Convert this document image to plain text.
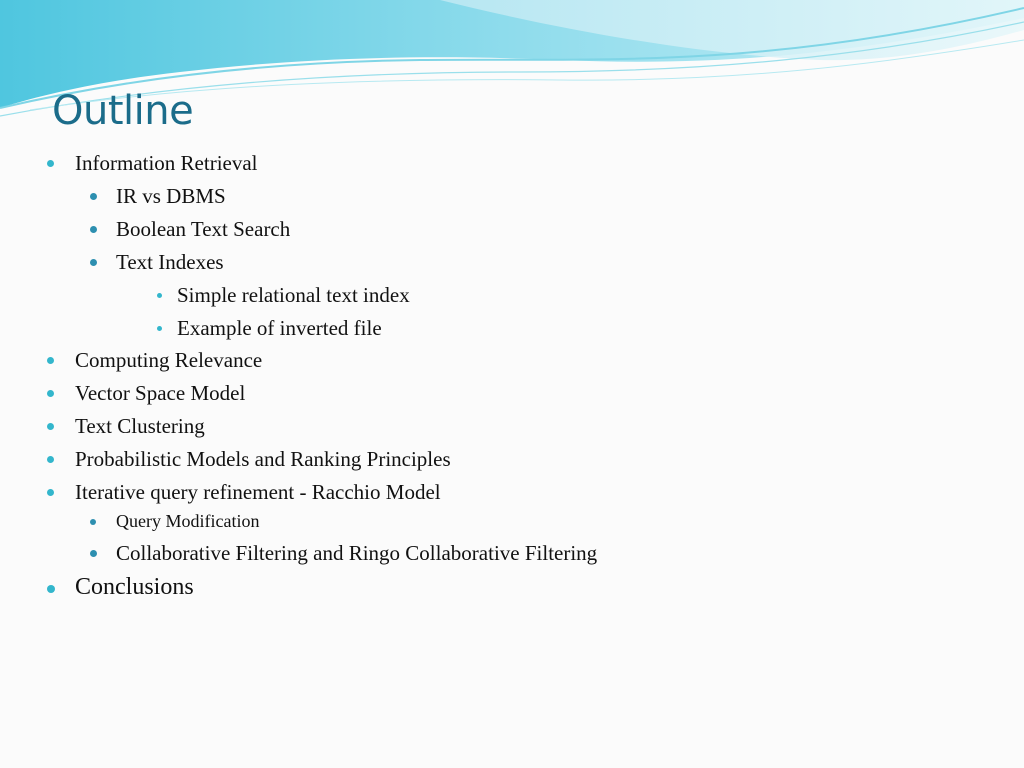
Outline
Information Retrieval
IR vs DBMS
Boolean Text Search
Text Indexes
Simple relational text index
Example of inverted file
Computing Relevance
Vector Space Model
Text Clustering
Probabilistic Models and Ranking Principles
Iterative query refinement - Racchio Model
Query Modification
Collaborative Filtering and Ringo Collaborative Filtering
Conclusions
